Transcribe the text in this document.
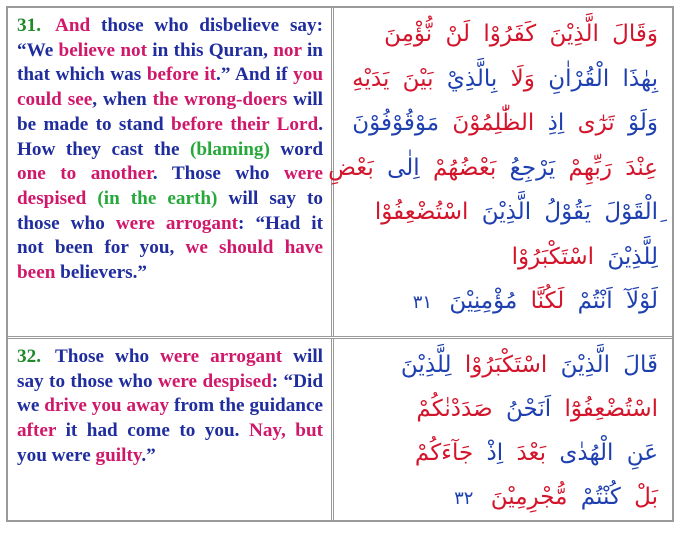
31. And those who disbelieve say: “We believe not in this Quran, nor in that which was before it.” And if you could see, when the wrong-doers will be made to stand before their Lord. How they cast the (blaming) word one to another. Those who were despised (in the earth) will say to those who were arrogant: “Had it not been for you, we should have been believers.”
وَقَالَ الَّذِيْنَ كَفَرُوْا لَنْ نُّؤْمِنَ
بِهٰذَا الْقُرْاٰنِ وَلَا بِالَّذِيْ بَيْنَ يَدَيْهِ
وَلَوْ تَرٰٓى اِذِ الظّٰلِمُوْنَ مَوْقُوْفُوْنَ
عِنْدَ رَبِّهِمْ يَرْجِعُ بَعْضُهُمْ اِلٰى بَعْضِ
ِالْقَوْلَ يَقُوْلُ الَّذِيْنَ اسْتُضْعِفُوْا
لِلَّذِيْنَ اسْتَكْبَرُوْا
لَوْلَآ اَنْتُمْ لَكُنَّا مُؤْمِنِيْنَ ٣١
32. Those who were arrogant will say to those who were despised: “Did we drive you away from the guidance after it had come to you. Nay, but you were guilty.”
قَالَ الَّذِيْنَ اسْتَكْبَرُوْا لِلَّذِيْنَ
اسْتُضْعِفُوْٓا اَنَحْنُ صَدَدْنٰكُمْ
عَنِ الْهُدٰى بَعْدَ اِذْ جَآءَكُمْ
بَلْ كُنْتُمْ مُّجْرِمِيْنَ ٣٢
